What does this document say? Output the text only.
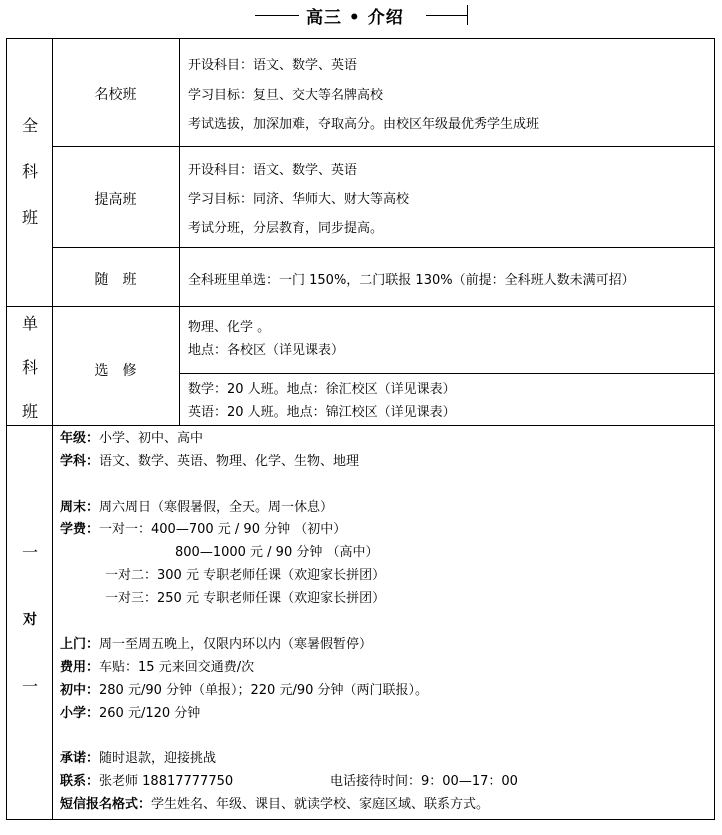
高三 • 介绍
全
科
班
名校班
开设科目：语文、数学、英语
学习目标：复旦、交大等名牌高校
考试选拔，加深加难，夺取高分。由校区年级最优秀学生成班
提高班
开设科目：语文、数学、英语
学习目标：同济、华师大、财大等高校
考试分班，分层教育，同步提高。
随　班	全科班里单选：一门 150%，二门联报 130%（前提：全科班人数未满可招）
单
科
班
选　修
物理、化学 。
地点：各校区（详见课表）
数学：20 人班。地点：徐汇校区（详见课表）
英语：20 人班。地点：锦江校区（详见课表）
一
对
一
年级：小学、初中、高中
学科：语文、数学、英语、物理、化学、生物、地理
周末：周六周日（寒假暑假，全天。周一休息）
学费：一对一：400—700 元 / 90 分钟 （初中）
800—1000 元 / 90 分钟 （高中）
一对二：300 元 专职老师任课（欢迎家长拼团）
一对三：250 元 专职老师任课（欢迎家长拼团）
上门：周一至周五晚上，仅限内环以内（寒暑假暂停）
费用：车贴：15 元来回交通费/次
初中：280 元/90 分钟（单报）；220 元/90 分钟（两门联报）。
小学：260 元/120 分钟
承诺：随时退款，迎接挑战
联系：张老师 18817777750	电话接待时间：9：00—17：00
短信报名格式：学生姓名、年级、课目、就读学校、家庭区域、联系方式。
